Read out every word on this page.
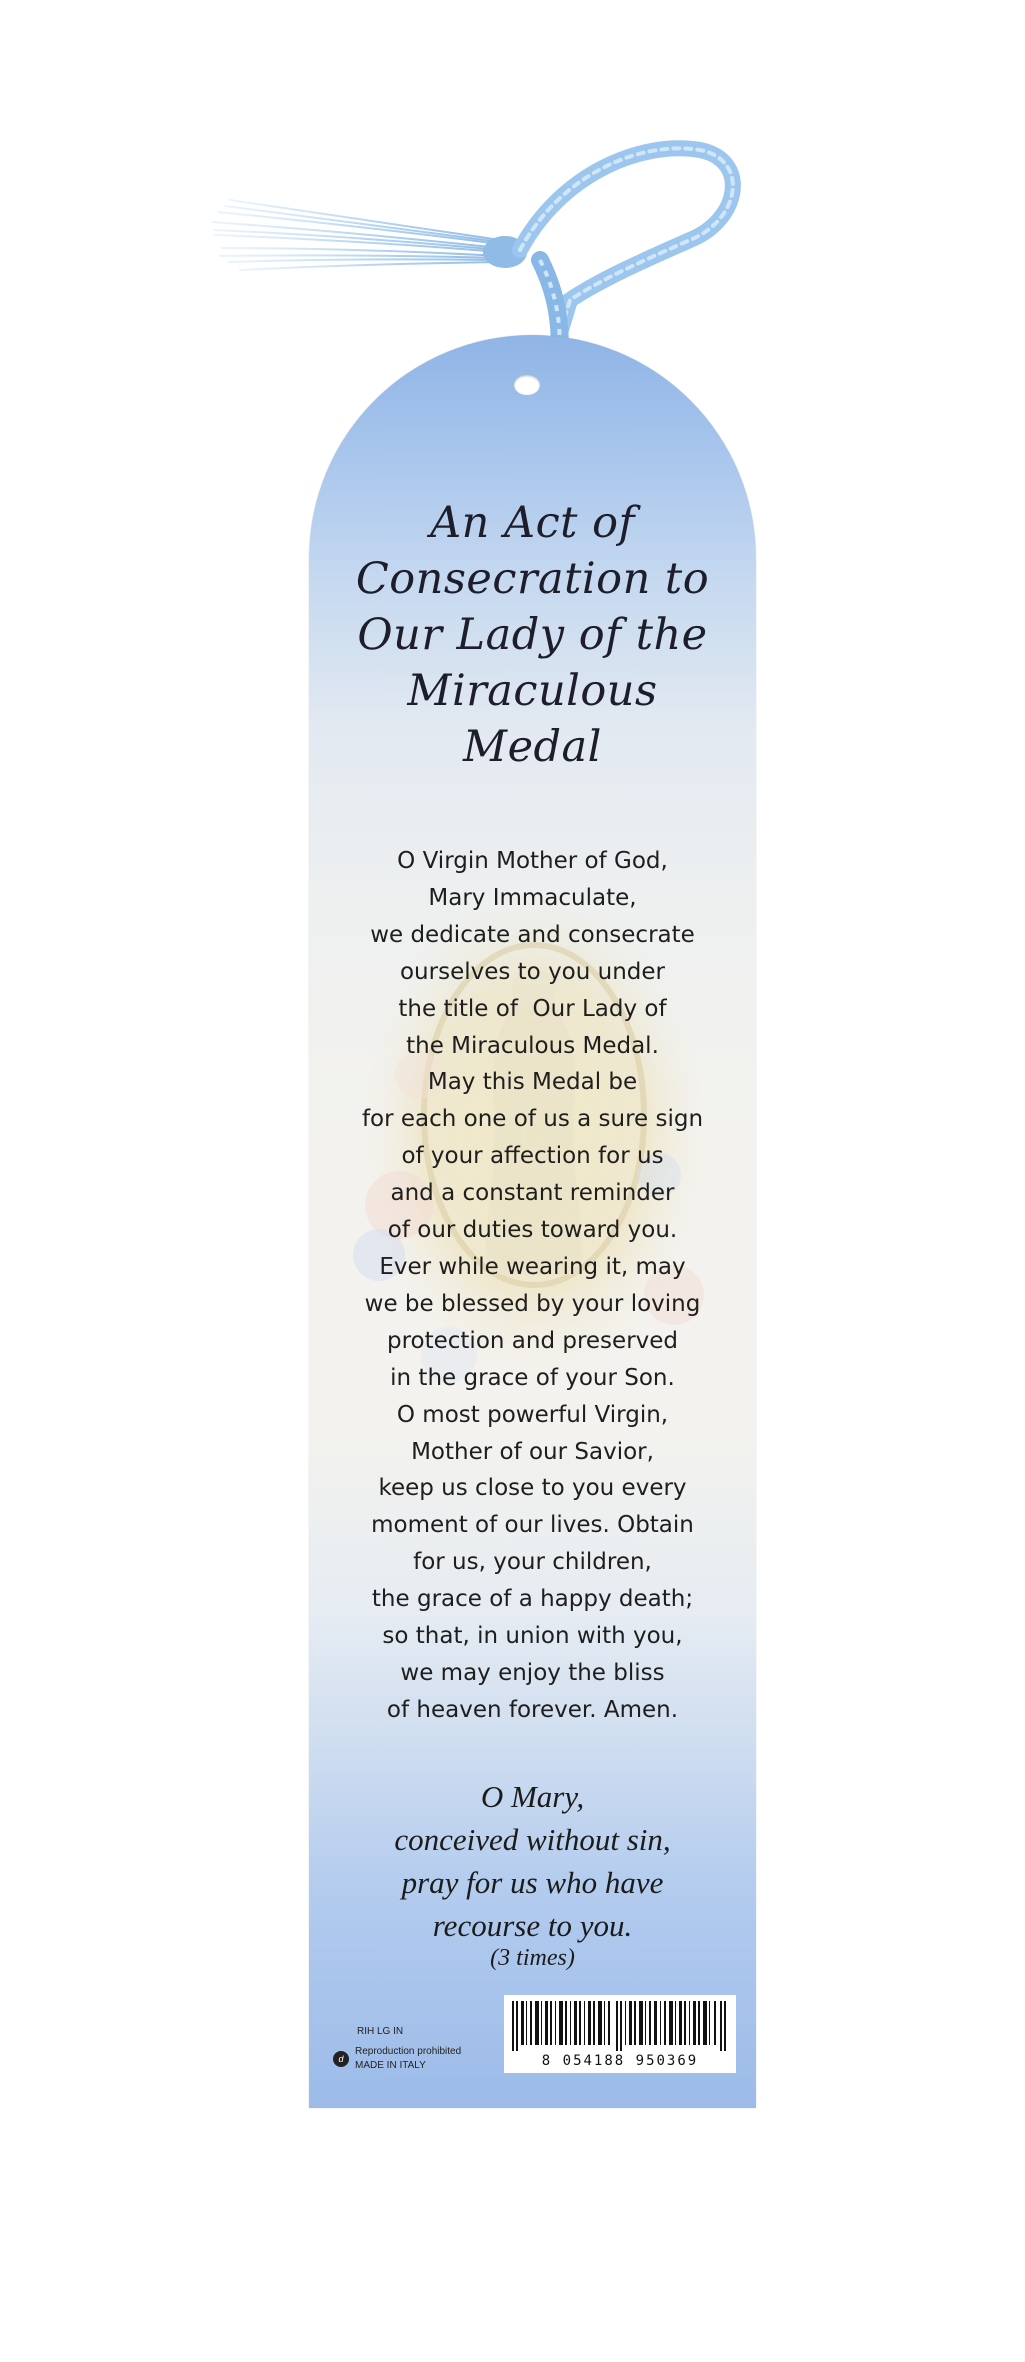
An Act of
Consecration to
Our Lady of the
Miraculous
Medal
O Virgin Mother of God,
Mary Immaculate,
we dedicate and consecrate
ourselves to you under
the title of  Our Lady of
the Miraculous Medal.
May this Medal be
for each one of us a sure sign
of your affection for us
and a constant reminder
of our duties toward you.
Ever while wearing it, may
we be blessed by your loving
protection and preserved
in the grace of your Son.
O most powerful Virgin,
Mother of our Savior,
keep us close to you every
moment of our lives. Obtain
for us, your children,
the grace of a happy death;
so that, in union with you,
we may enjoy the bliss
of heaven forever. Amen.
O Mary,
conceived without sin,
pray for us who have
recourse to you.
(3 times)
RIH LG IN
d
Reproduction prohibited
MADE IN ITALY	8 054188 950369
